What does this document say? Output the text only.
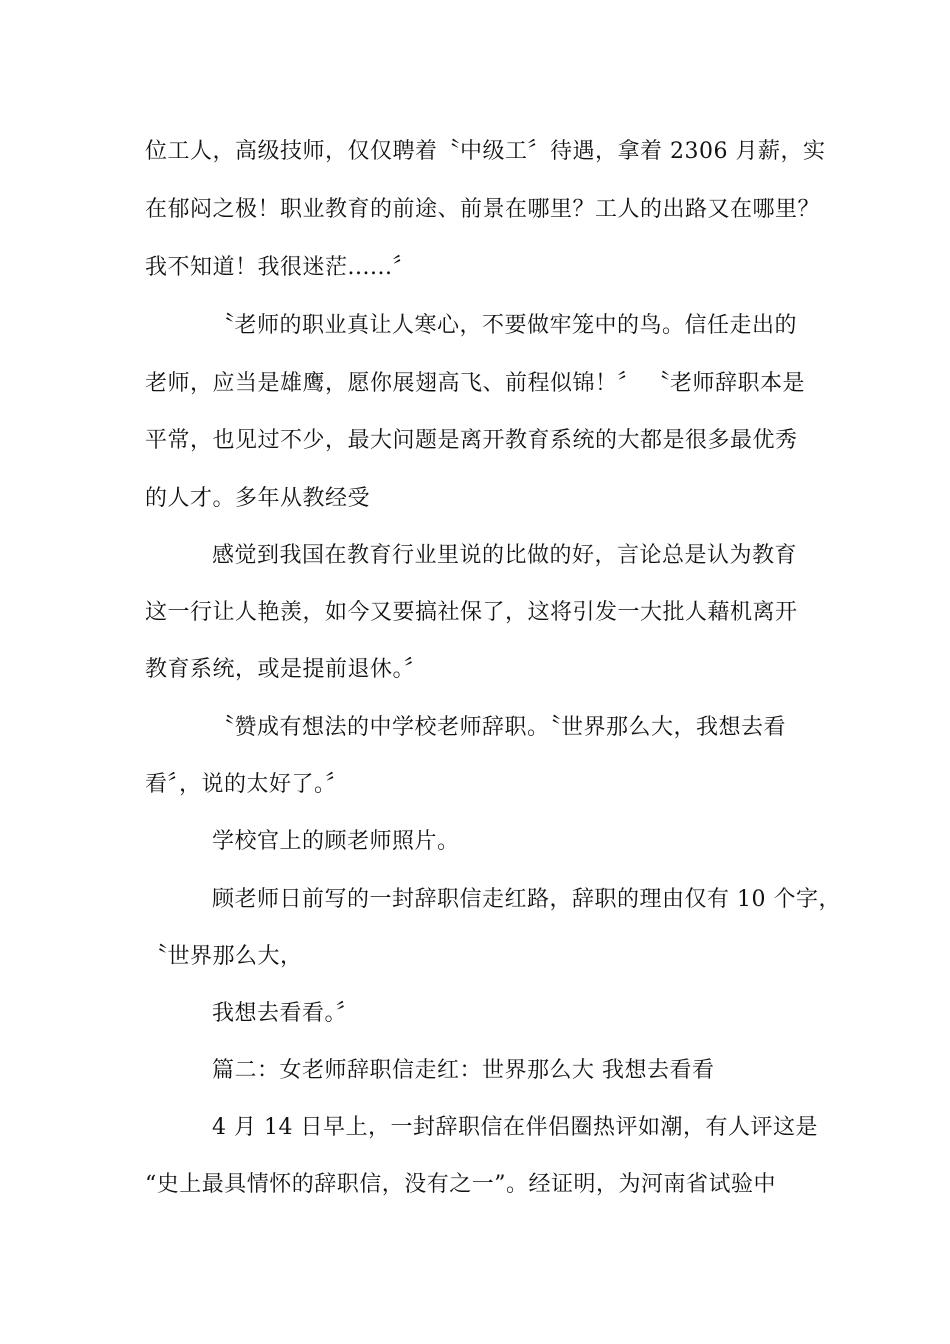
位工人，高级技师，仅仅聘着〝中级工〞待遇，拿着 2306 月薪，实
在郁闷之极！职业教育的前途、前景在哪里？工人的出路又在哪里？
我不知道！我很迷茫......〞
〝老师的职业真让人寒心，不要做牢笼中的鸟。信任走出的
老师，应当是雄鹰，愿你展翅高飞、前程似锦！〞 〝老师辞职本是
平常，也见过不少，最大问题是离开教育系统的大都是很多最优秀
的人才。多年从教经受
感觉到我国在教育行业里说的比做的好，言论总是认为教育
这一行让人艳羡，如今又要搞社保了，这将引发一大批人藉机离开
教育系统，或是提前退休。〞
〝赞成有想法的中学校老师辞职。〝世界那么大，我想去看
看〞，说的太好了。〞
学校官上的顾老师照片。
顾老师日前写的一封辞职信走红路，辞职的理由仅有 10 个字，
〝世界那么大，
我想去看看。〞
篇二：女老师辞职信走红：世界那么大 我想去看看
4 月 14 日早上，一封辞职信在伴侣圈热评如潮，有人评这是
“史上最具情怀的辞职信，没有之一”。经证明，为河南省试验中
